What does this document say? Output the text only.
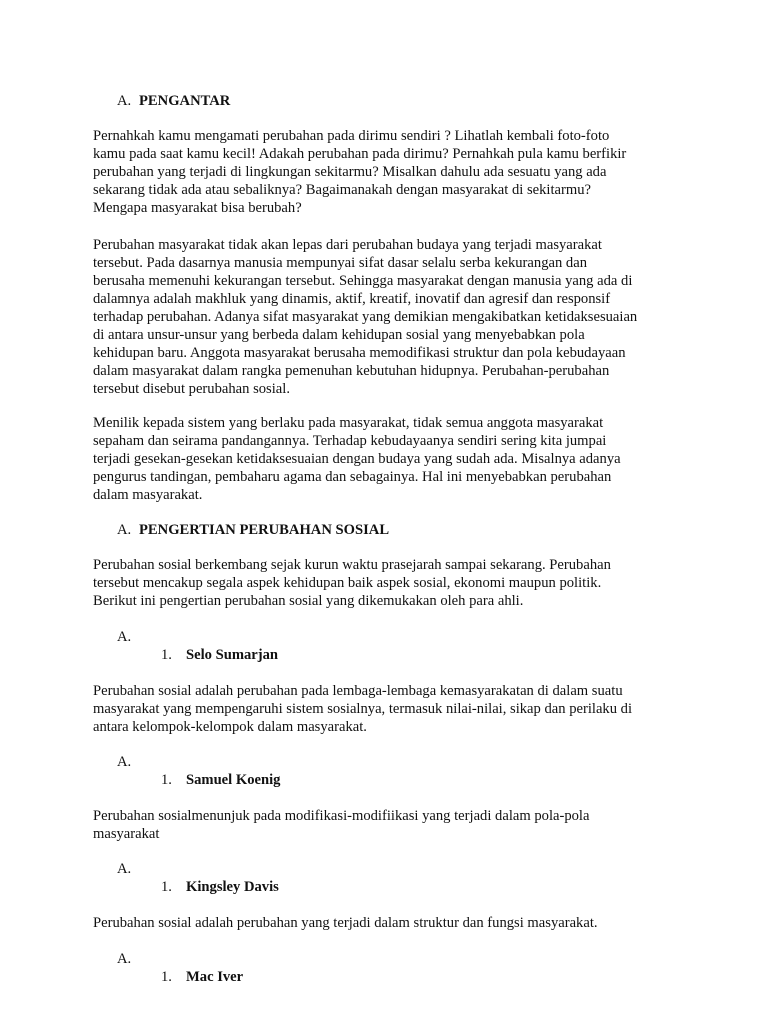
A. PENGANTAR
Pernahkah kamu mengamati perubahan pada dirimu sendiri ? Lihatlah kembali foto-foto
kamu pada saat kamu kecil! Adakah perubahan pada dirimu? Pernahkah pula kamu berfikir
perubahan yang terjadi di lingkungan sekitarmu? Misalkan dahulu ada sesuatu yang ada
sekarang tidak ada atau sebaliknya? Bagaimanakah dengan masyarakat di sekitarmu?
Mengapa masyarakat bisa berubah?
Perubahan masyarakat tidak akan lepas dari perubahan budaya yang terjadi masyarakat
tersebut. Pada dasarnya manusia mempunyai sifat dasar selalu serba kekurangan dan
berusaha memenuhi kekurangan tersebut. Sehingga masyarakat dengan manusia yang ada di
dalamnya adalah makhluk yang dinamis, aktif, kreatif, inovatif dan agresif dan responsif
terhadap perubahan. Adanya sifat masyarakat yang demikian mengakibatkan ketidaksesuaian
di antara unsur-unsur yang berbeda dalam kehidupan sosial yang menyebabkan pola
kehidupan baru. Anggota masyarakat berusaha memodifikasi struktur dan pola kebudayaan
dalam masyarakat dalam rangka pemenuhan kebutuhan hidupnya. Perubahan-perubahan
tersebut disebut perubahan sosial.
Menilik kepada sistem yang berlaku pada masyarakat, tidak semua anggota masyarakat
sepaham dan seirama pandangannya. Terhadap kebudayaanya sendiri sering kita jumpai
terjadi gesekan-gesekan ketidaksesuaian dengan budaya yang sudah ada. Misalnya adanya
pengurus tandingan, pembaharu agama dan sebagainya. Hal ini menyebabkan perubahan
dalam masyarakat.
A. PENGERTIAN PERUBAHAN SOSIAL
Perubahan sosial berkembang sejak kurun waktu prasejarah sampai sekarang. Perubahan
tersebut mencakup segala aspek kehidupan baik aspek sosial, ekonomi maupun politik.
Berikut ini pengertian perubahan sosial yang dikemukakan oleh para ahli.
A.
1. Selo Sumarjan
Perubahan sosial adalah perubahan pada lembaga-lembaga kemasyarakatan di dalam suatu
masyarakat yang mempengaruhi sistem sosialnya, termasuk nilai-nilai, sikap dan perilaku di
antara kelompok-kelompok dalam masyarakat.
A.
1. Samuel Koenig
Perubahan sosialmenunjuk pada modifikasi-modifiikasi yang terjadi dalam pola-pola
masyarakat
A.
1. Kingsley Davis
Perubahan sosial adalah perubahan yang terjadi dalam struktur dan fungsi masyarakat.
A.
1. Mac Iver
